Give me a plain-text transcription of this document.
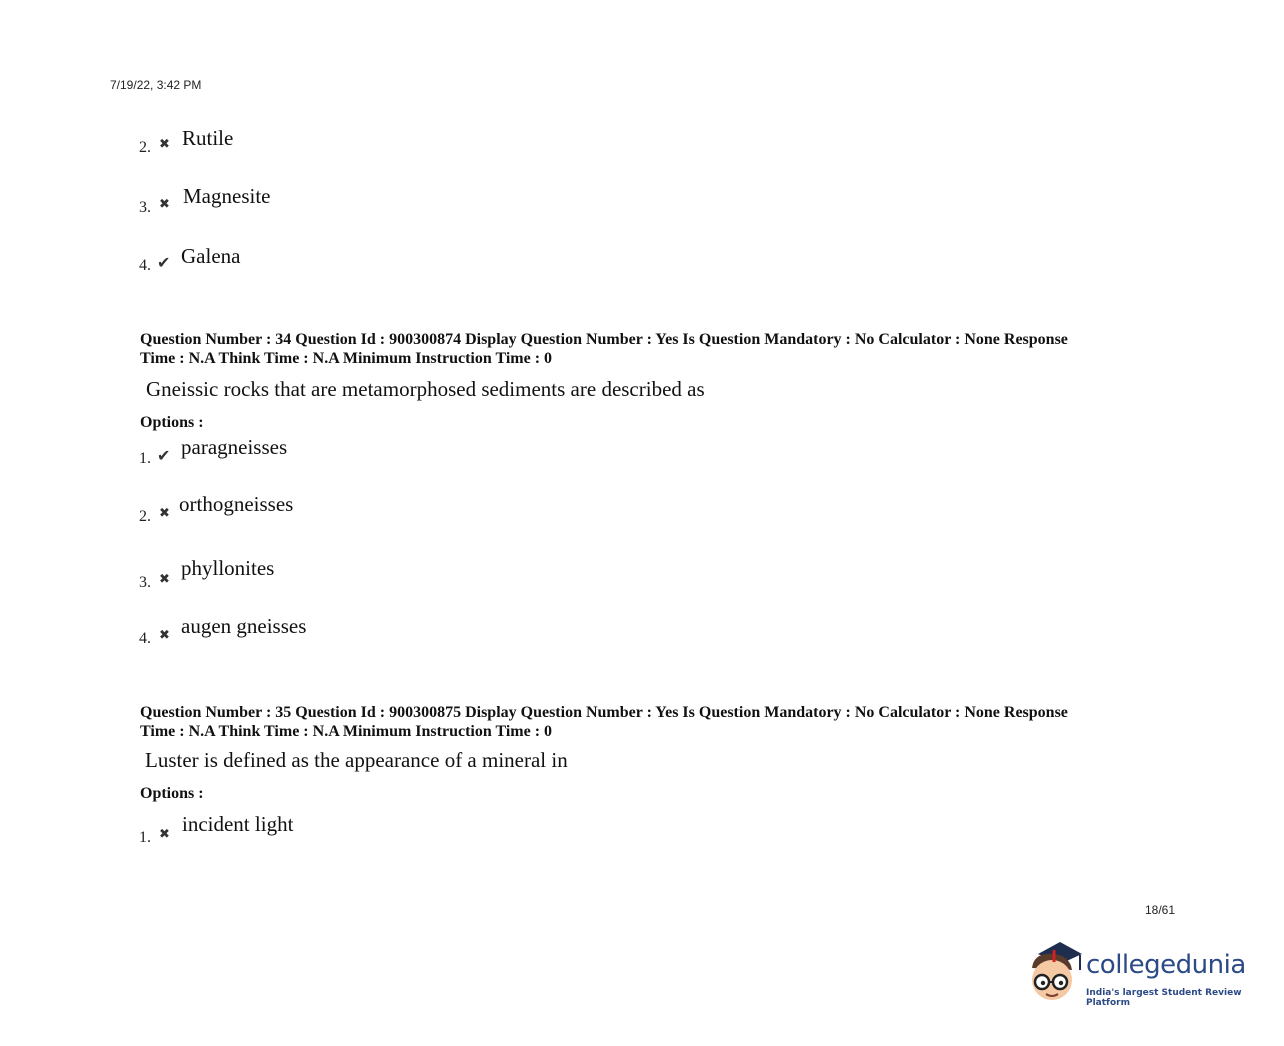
7/19/22, 3:42 PM
2. ✖ Rutile
3. ✖ Magnesite
4. ✔ Galena
Question Number : 34 Question Id : 900300874 Display Question Number : Yes Is Question Mandatory : No Calculator : None Response
Time : N.A Think Time : N.A Minimum Instruction Time : 0
Gneissic rocks that are metamorphosed sediments are described as
Options :
1. ✔ paragneisses
2. ✖ orthogneisses
3. ✖ phyllonites
4. ✖ augen gneisses
Question Number : 35 Question Id : 900300875 Display Question Number : Yes Is Question Mandatory : No Calculator : None Response
Time : N.A Think Time : N.A Minimum Instruction Time : 0
Luster is defined as the appearance of a mineral in
Options :
1. ✖ incident light
18/61
collegedunia
India's largest Student Review Platform
